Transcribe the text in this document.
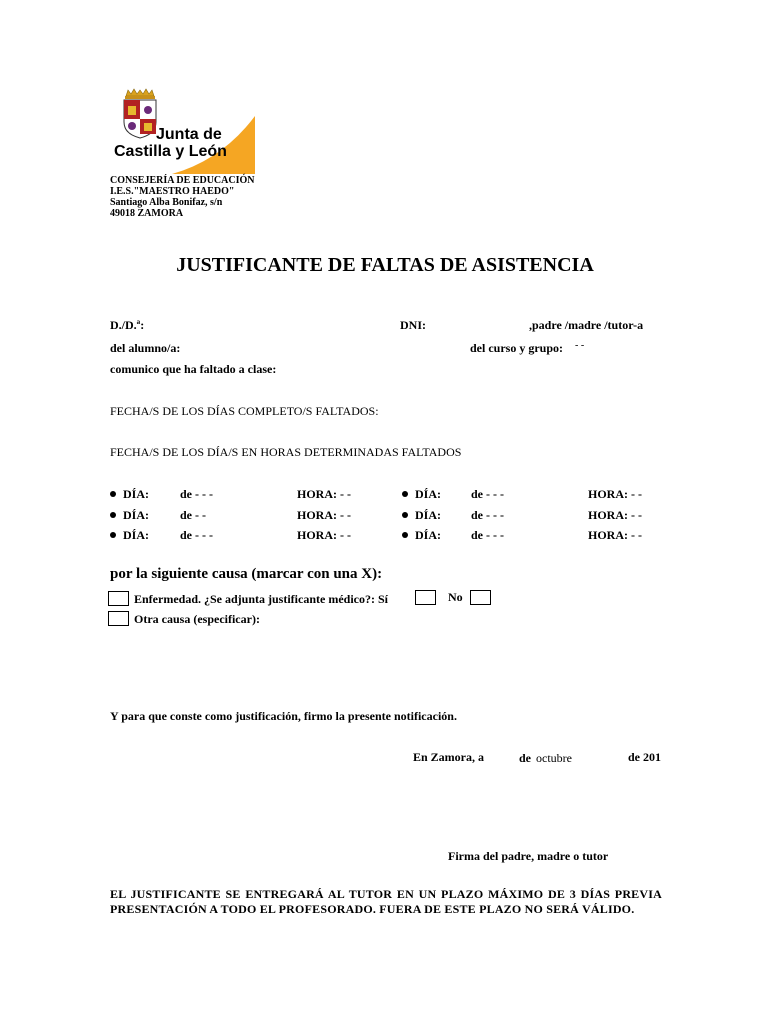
Junta de
Castilla y León
CONSEJERÍA DE EDUCACIÓN
I.E.S."MAESTRO HAEDO"
Santiago Alba Bonifaz, s/n
49018 ZAMORA
JUSTIFICANTE DE FALTAS DE ASISTENCIA
D./D.ª:	DNI:	,padre /madre /tutor-a
del alumno/a:	del curso y grupo: - -
comunico que ha faltado a clase:
FECHA/S DE LOS DÍAS COMPLETO/S FALTADOS:
FECHA/S DE LOS DÍA/S EN HORAS DETERMINADAS FALTADOS
DÍA:	de - - -	HORA: - -	DÍA:	de - - -	HORA: - -
DÍA:	de - -	HORA: - -	DÍA:	de - - -	HORA: - -
DÍA:	de - - -	HORA: - -	DÍA:	de - - -	HORA: - -
por la siguiente causa (marcar con una X):
Enfermedad. ¿Se adjunta justificante médico?: Sí	No
Otra causa (especificar):
Y para que conste como justificación, firmo la presente notificación.
En Zamora, a	de octubre	de 201
Firma del padre, madre o tutor
EL JUSTIFICANTE SE ENTREGARÁ AL TUTOR EN UN PLAZO MÁXIMO DE 3 DÍAS PREVIA PRESENTACIÓN A TODO EL PROFESORADO. FUERA DE ESTE PLAZO NO SERÁ VÁLIDO.
